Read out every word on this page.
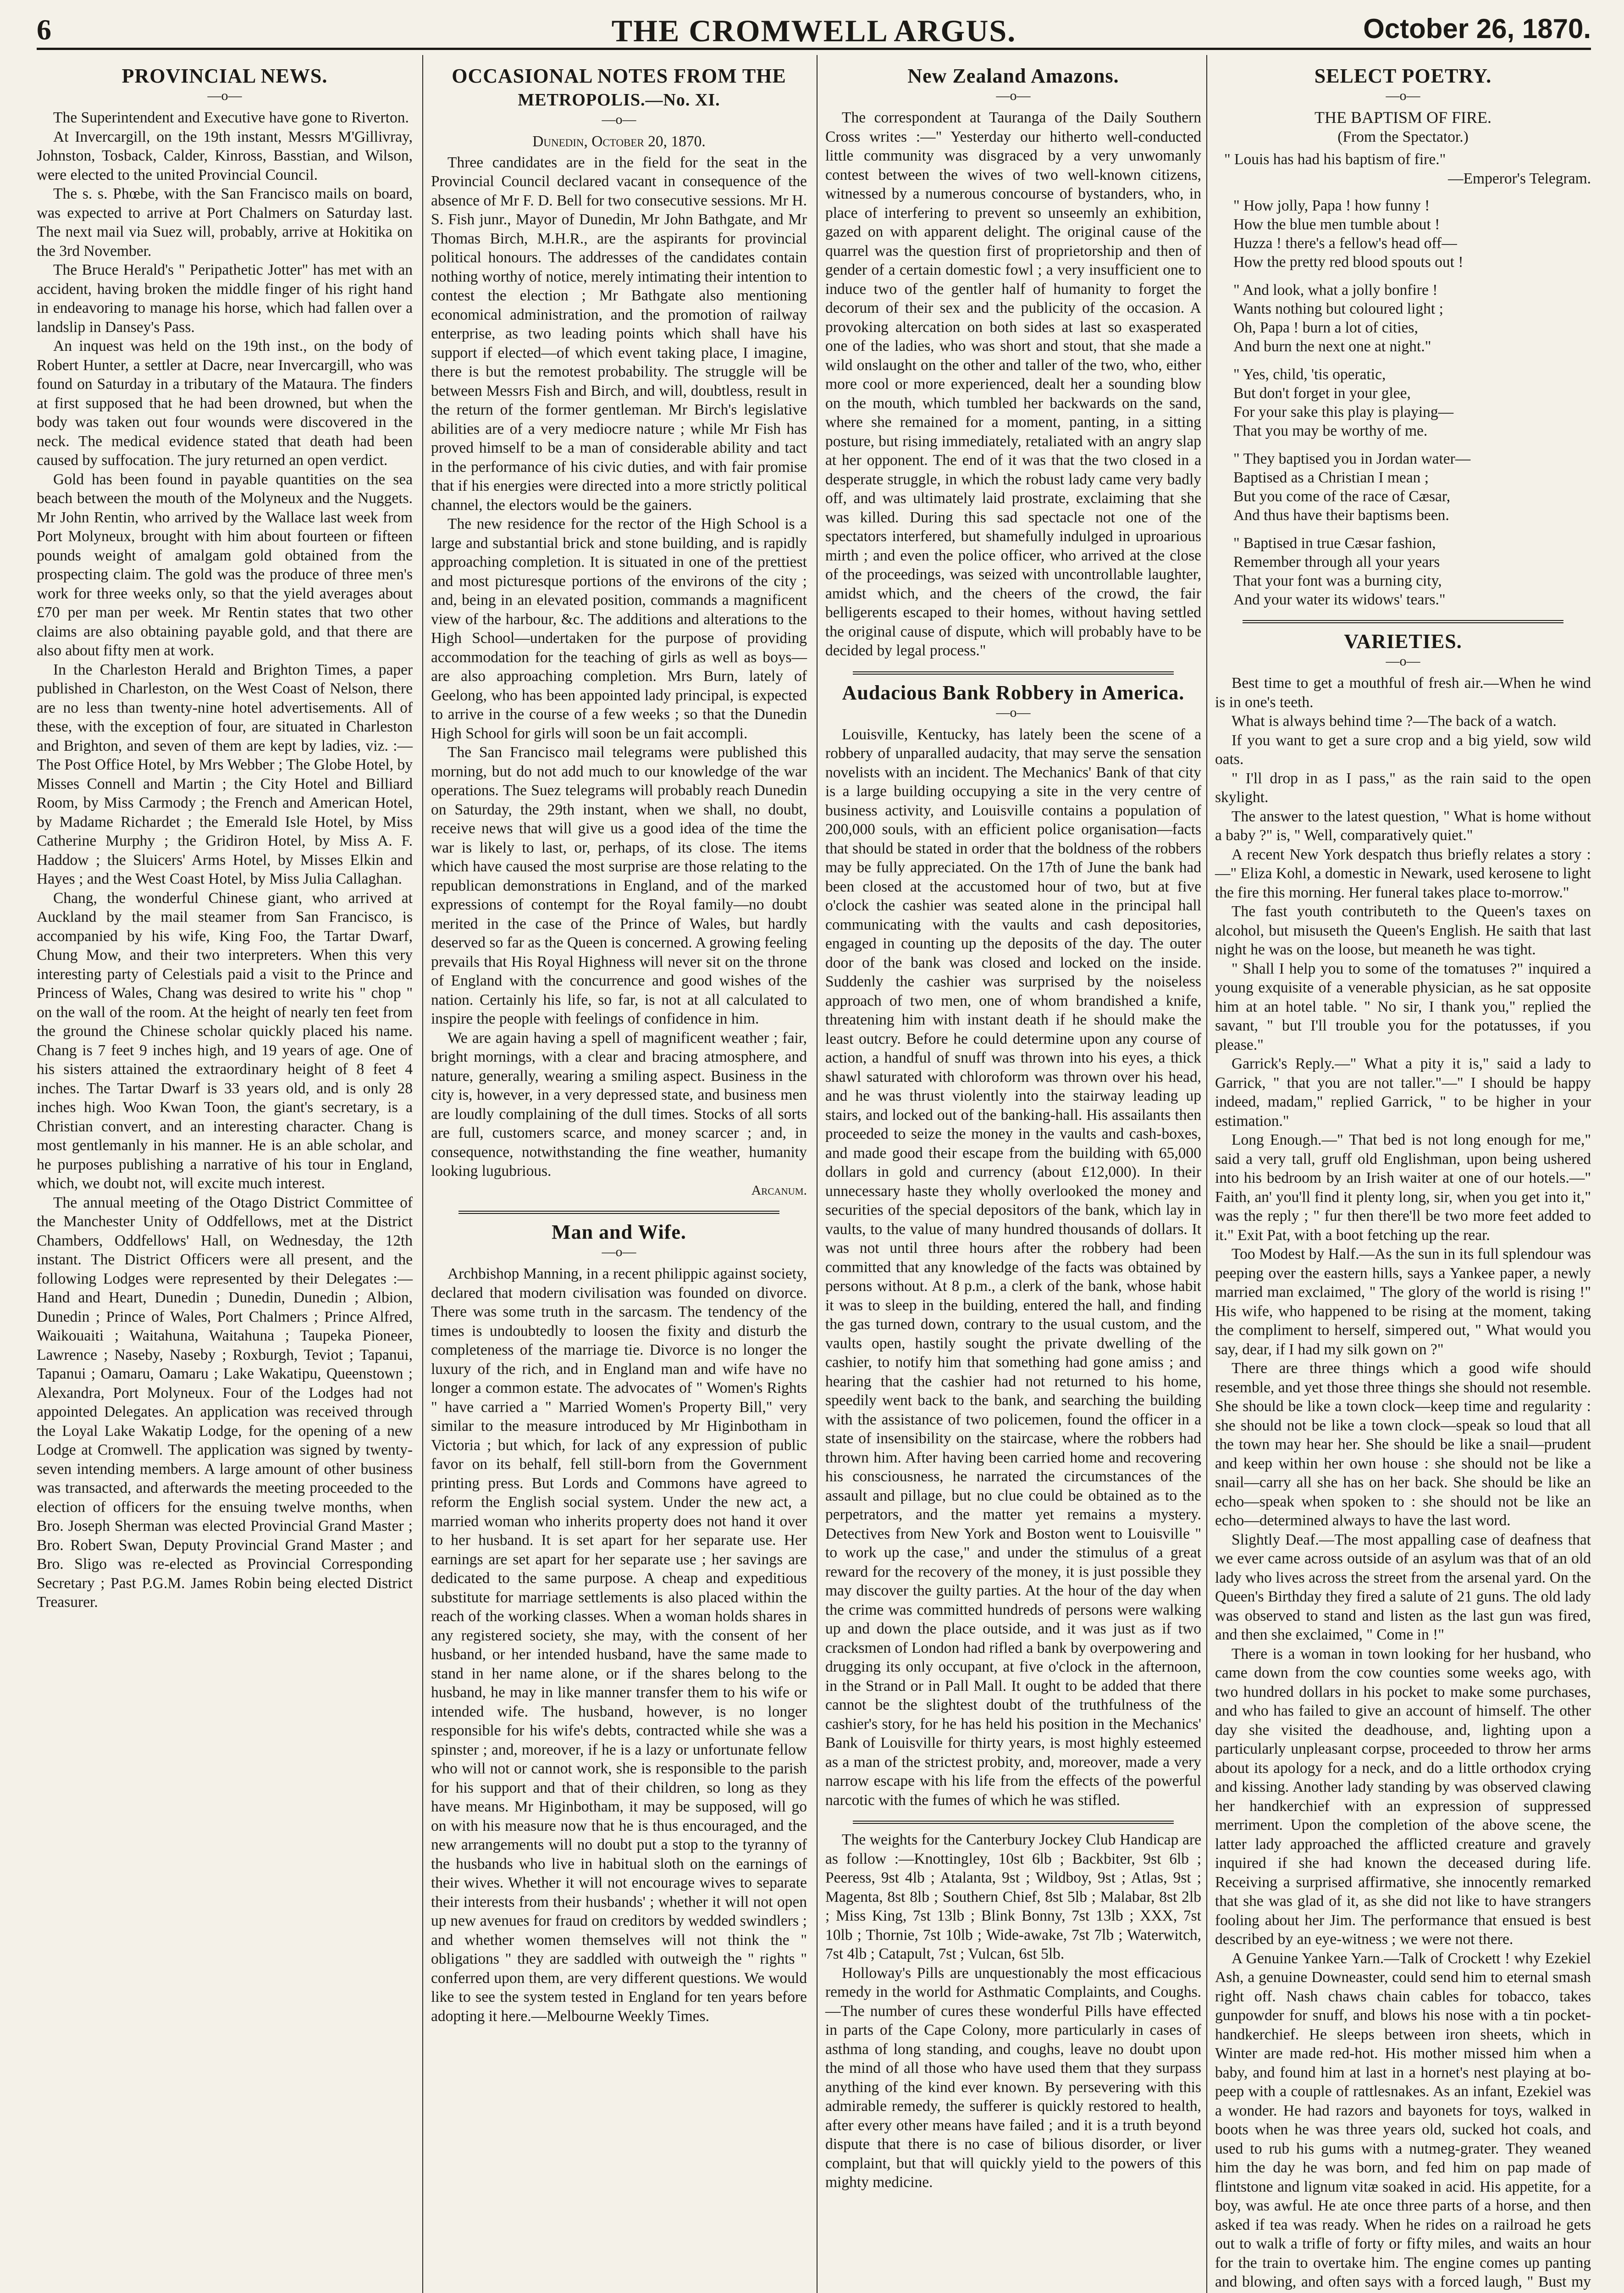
6	THE CROMWELL ARGUS.	October 26, 1870.
PROVINCIAL NEWS.
—o—

The Superintendent and Executive have gone to Riverton.

At Invercargill, on the 19th instant, Messrs M'Gillivray, Johnston, Tosback, Calder, Kinross, Basstian, and Wilson, were elected to the united Provincial Council.

The s. s. Phœbe, with the San Francisco mails on board, was expected to arrive at Port Chalmers on Saturday last. The next mail via Suez will, probably, arrive at Hokitika on the 3rd November.

The Bruce Herald's " Peripathetic Jotter" has met with an accident, having broken the middle finger of his right hand in endeavoring to manage his horse, which had fallen over a landslip in Dansey's Pass.

An inquest was held on the 19th inst., on the body of Robert Hunter, a settler at Dacre, near Invercargill, who was found on Saturday in a tributary of the Mataura. The finders at first supposed that he had been drowned, but when the body was taken out four wounds were discovered in the neck. The medical evidence stated that death had been caused by suffocation. The jury returned an open verdict.

Gold has been found in payable quantities on the sea beach between the mouth of the Molyneux and the Nuggets. Mr John Rentin, who arrived by the Wallace last week from Port Molyneux, brought with him about fourteen or fifteen pounds weight of amalgam gold obtained from the prospecting claim. The gold was the produce of three men's work for three weeks only, so that the yield averages about £70 per man per week. Mr Rentin states that two other claims are also obtaining payable gold, and that there are also about fifty men at work.

In the Charleston Herald and Brighton Times, a paper published in Charleston, on the West Coast of Nelson, there are no less than twenty-nine hotel advertisements. All of these, with the exception of four, are situated in Charleston and Brighton, and seven of them are kept by ladies, viz. :—The Post Office Hotel, by Mrs Webber ; The Globe Hotel, by Misses Connell and Martin ; the City Hotel and Billiard Room, by Miss Carmody ; the French and American Hotel, by Madame Richardet ; the Emerald Isle Hotel, by Miss Catherine Murphy ; the Gridiron Hotel, by Miss A. F. Haddow ; the Sluicers' Arms Hotel, by Misses Elkin and Hayes ; and the West Coast Hotel, by Miss Julia Callaghan.

Chang, the wonderful Chinese giant, who arrived at Auckland by the mail steamer from San Francisco, is accompanied by his wife, King Foo, the Tartar Dwarf, Chung Mow, and their two interpreters. When this very interesting party of Celestials paid a visit to the Prince and Princess of Wales, Chang was desired to write his " chop " on the wall of the room. At the height of nearly ten feet from the ground the Chinese scholar quickly placed his name. Chang is 7 feet 9 inches high, and 19 years of age. One of his sisters attained the extraordinary height of 8 feet 4 inches. The Tartar Dwarf is 33 years old, and is only 28 inches high. Woo Kwan Toon, the giant's secretary, is a Christian convert, and an interesting character. Chang is most gentlemanly in his manner. He is an able scholar, and he purposes publishing a narrative of his tour in England, which, we doubt not, will excite much interest.

The annual meeting of the Otago District Committee of the Manchester Unity of Oddfellows, met at the District Chambers, Oddfellows' Hall, on Wednesday, the 12th instant. The District Officers were all present, and the following Lodges were represented by their Delegates :—Hand and Heart, Dunedin ; Dunedin, Dunedin ; Albion, Dunedin ; Prince of Wales, Port Chalmers ; Prince Alfred, Waikouaiti ; Waitahuna, Waitahuna ; Taupeka Pioneer, Lawrence ; Naseby, Naseby ; Roxburgh, Teviot ; Tapanui, Tapanui ; Oamaru, Oamaru ; Lake Wakatipu, Queenstown ; Alexandra, Port Molyneux. Four of the Lodges had not appointed Delegates. An application was received through the Loyal Lake Wakatip Lodge, for the opening of a new Lodge at Cromwell. The application was signed by twenty-seven intending members. A large amount of other business was transacted, and afterwards the meeting proceeded to the election of officers for the ensuing twelve months, when Bro. Joseph Sherman was elected Provincial Grand Master ; Bro. Robert Swan, Deputy Provincial Grand Master ; and Bro. Sligo was re-elected as Provincial Corresponding Secretary ; Past P.G.M. James Robin being elected District Treasurer.

OCCASIONAL NOTES FROM THE
METROPOLIS.—No. XI.
—o—

Dunedin, October 20, 1870.

Three candidates are in the field for the seat in the Provincial Council declared vacant in consequence of the absence of Mr F. D. Bell for two consecutive sessions. Mr H. S. Fish junr., Mayor of Dunedin, Mr John Bathgate, and Mr Thomas Birch, M.H.R., are the aspirants for provincial political honours. The addresses of the candidates contain nothing worthy of notice, merely intimating their intention to contest the election ; Mr Bathgate also mentioning economical administration, and the promotion of railway enterprise, as two leading points which shall have his support if elected—of which event taking place, I imagine, there is but the remotest probability. The struggle will be between Messrs Fish and Birch, and will, doubtless, result in the return of the former gentleman. Mr Birch's legislative abilities are of a very mediocre nature ; while Mr Fish has proved himself to be a man of considerable ability and tact in the performance of his civic duties, and with fair promise that if his energies were directed into a more strictly political channel, the electors would be the gainers.

The new residence for the rector of the High School is a large and substantial brick and stone building, and is rapidly approaching completion. It is situated in one of the prettiest and most picturesque portions of the environs of the city ; and, being in an elevated position, commands a magnificent view of the harbour, &c. The additions and alterations to the High School—undertaken for the purpose of providing accommodation for the teaching of girls as well as boys—are also approaching completion. Mrs Burn, lately of Geelong, who has been appointed lady principal, is expected to arrive in the course of a few weeks ; so that the Dunedin High School for girls will soon be un fait accompli.

The San Francisco mail telegrams were published this morning, but do not add much to our knowledge of the war operations. The Suez telegrams will probably reach Dunedin on Saturday, the 29th instant, when we shall, no doubt, receive news that will give us a good idea of the time the war is likely to last, or, perhaps, of its close. The items which have caused the most surprise are those relating to the republican demonstrations in England, and of the marked expressions of contempt for the Royal family—no doubt merited in the case of the Prince of Wales, but hardly deserved so far as the Queen is concerned. A growing feeling prevails that His Royal Highness will never sit on the throne of England with the concurrence and good wishes of the nation. Certainly his life, so far, is not at all calculated to inspire the people with feelings of confidence in him.

We are again having a spell of magnificent weather ; fair, bright mornings, with a clear and bracing atmosphere, and nature, generally, wearing a smiling aspect. Business in the city is, however, in a very depressed state, and business men are loudly complaining of the dull times. Stocks of all sorts are full, customers scarce, and money scarcer ; and, in consequence, notwithstanding the fine weather, humanity looking lugubrious.

Arcanum.

Man and Wife.
—o—

Archbishop Manning, in a recent philippic against society, declared that modern civilisation was founded on divorce. There was some truth in the sarcasm. The tendency of the times is undoubtedly to loosen the fixity and disturb the completeness of the marriage tie. Divorce is no longer the luxury of the rich, and in England man and wife have no longer a common estate. The advocates of " Women's Rights " have carried a " Married Women's Property Bill," very similar to the measure introduced by Mr Higinbotham in Victoria ; but which, for lack of any expression of public favor on its behalf, fell still-born from the Government printing press. But Lords and Commons have agreed to reform the English social system. Under the new act, a married woman who inherits property does not hand it over to her husband. It is set apart for her separate use. Her earnings are set apart for her separate use ; her savings are dedicated to the same purpose. A cheap and expeditious substitute for marriage settlements is also placed within the reach of the working classes. When a woman holds shares in any registered society, she may, with the consent of her husband, or her intended husband, have the same made to stand in her name alone, or if the shares belong to the husband, he may in like manner transfer them to his wife or intended wife. The husband, however, is no longer responsible for his wife's debts, contracted while she was a spinster ; and, moreover, if he is a lazy or unfortunate fellow who will not or cannot work, she is responsible to the parish for his support and that of their children, so long as they have means. Mr Higinbotham, it may be supposed, will go on with his measure now that he is thus encouraged, and the new arrangements will no doubt put a stop to the tyranny of the husbands who live in habitual sloth on the earnings of their wives. Whether it will not encourage wives to separate their interests from their husbands' ; whether it will not open up new avenues for fraud on creditors by wedded swindlers ; and whether women themselves will not think the " obligations " they are saddled with outweigh the " rights " conferred upon them, are very different questions. We would like to see the system tested in England for ten years before adopting it here.—Melbourne Weekly Times.

New Zealand Amazons.
—o—

The correspondent at Tauranga of the Daily Southern Cross writes :—" Yesterday our hitherto well-conducted little community was disgraced by a very unwomanly contest between the wives of two well-known citizens, witnessed by a numerous concourse of bystanders, who, in place of interfering to prevent so unseemly an exhibition, gazed on with apparent delight. The original cause of the quarrel was the question first of proprietorship and then of gender of a certain domestic fowl ; a very insufficient one to induce two of the gentler half of humanity to forget the decorum of their sex and the publicity of the occasion. A provoking altercation on both sides at last so exasperated one of the ladies, who was short and stout, that she made a wild onslaught on the other and taller of the two, who, either more cool or more experienced, dealt her a sounding blow on the mouth, which tumbled her backwards on the sand, where she remained for a moment, panting, in a sitting posture, but rising immediately, retaliated with an angry slap at her opponent. The end of it was that the two closed in a desperate struggle, in which the robust lady came very badly off, and was ultimately laid prostrate, exclaiming that she was killed. During this sad spectacle not one of the spectators interfered, but shamefully indulged in uproarious mirth ; and even the police officer, who arrived at the close of the proceedings, was seized with uncontrollable laughter, amidst which, and the cheers of the crowd, the fair belligerents escaped to their homes, without having settled the original cause of dispute, which will probably have to be decided by legal process."

Audacious Bank Robbery in America.
—o—

Louisville, Kentucky, has lately been the scene of a robbery of unparalled audacity, that may serve the sensation novelists with an incident. The Mechanics' Bank of that city is a large building occupying a site in the very centre of business activity, and Louisville contains a population of 200,000 souls, with an efficient police organisation—facts that should be stated in order that the boldness of the robbers may be fully appreciated. On the 17th of June the bank had been closed at the accustomed hour of two, but at five o'clock the cashier was seated alone in the principal hall communicating with the vaults and cash depositories, engaged in counting up the deposits of the day. The outer door of the bank was closed and locked on the inside. Suddenly the cashier was surprised by the noiseless approach of two men, one of whom brandished a knife, threatening him with instant death if he should make the least outcry. Before he could determine upon any course of action, a handful of snuff was thrown into his eyes, a thick shawl saturated with chloroform was thrown over his head, and he was thrust violently into the stairway leading up stairs, and locked out of the banking-hall. His assailants then proceeded to seize the money in the vaults and cash-boxes, and made good their escape from the building with 65,000 dollars in gold and currency (about £12,000). In their unnecessary haste they wholly overlooked the money and securities of the special depositors of the bank, which lay in vaults, to the value of many hundred thousands of dollars. It was not until three hours after the robbery had been committed that any knowledge of the facts was obtained by persons without. At 8 p.m., a clerk of the bank, whose habit it was to sleep in the building, entered the hall, and finding the gas turned down, contrary to the usual custom, and the vaults open, hastily sought the private dwelling of the cashier, to notify him that something had gone amiss ; and hearing that the cashier had not returned to his home, speedily went back to the bank, and searching the building with the assistance of two policemen, found the officer in a state of insensibility on the staircase, where the robbers had thrown him. After having been carried home and recovering his consciousness, he narrated the circumstances of the assault and pillage, but no clue could be obtained as to the perpetrators, and the matter yet remains a mystery. Detectives from New York and Boston went to Louisville " to work up the case," and under the stimulus of a great reward for the recovery of the money, it is just possible they may discover the guilty parties. At the hour of the day when the crime was committed hundreds of persons were walking up and down the place outside, and it was just as if two cracksmen of London had rifled a bank by overpowering and drugging its only occupant, at five o'clock in the afternoon, in the Strand or in Pall Mall. It ought to be added that there cannot be the slightest doubt of the truthfulness of the cashier's story, for he has held his position in the Mechanics' Bank of Louisville for thirty years, is most highly esteemed as a man of the strictest probity, and, moreover, made a very narrow escape with his life from the effects of the powerful narcotic with the fumes of which he was stifled.

The weights for the Canterbury Jockey Club Handicap are as follow :—Knottingley, 10st 6lb ; Backbiter, 9st 6lb ; Peeress, 9st 4lb ; Atalanta, 9st ; Wildboy, 9st ; Atlas, 9st ; Magenta, 8st 8lb ; Southern Chief, 8st 5lb ; Malabar, 8st 2lb ; Miss King, 7st 13lb ; Blink Bonny, 7st 13lb ; XXX, 7st 10lb ; Thornie, 7st 10lb ; Wide-awake, 7st 7lb ; Waterwitch, 7st 4lb ; Catapult, 7st ; Vulcan, 6st 5lb.

Holloway's Pills are unquestionably the most efficacious remedy in the world for Asthmatic Complaints, and Coughs.—The number of cures these wonderful Pills have effected in parts of the Cape Colony, more particularly in cases of asthma of long standing, and coughs, leave no doubt upon the mind of all those who have used them that they surpass anything of the kind ever known. By persevering with this admirable remedy, the sufferer is quickly restored to health, after every other means have failed ; and it is a truth beyond dispute that there is no case of bilious disorder, or liver complaint, but that will quickly yield to the powers of this mighty medicine.

SELECT POETRY.
—o—

THE BAPTISM OF FIRE.

(From the Spectator.)

" Louis has had his baptism of fire."

—Emperor's Telegram.

" How jolly, Papa ! how funny !
How the blue men tumble about !
Huzza ! there's a fellow's head off—
How the pretty red blood spouts out !
" And look, what a jolly bonfire !
Wants nothing but coloured light ;
Oh, Papa ! burn a lot of cities,
And burn the next one at night."
" Yes, child, 'tis operatic,
But don't forget in your glee,
For your sake this play is playing—
That you may be worthy of me.
" They baptised you in Jordan water—
Baptised as a Christian I mean ;
But you come of the race of Cæsar,
And thus have their baptisms been.
" Baptised in true Cæsar fashion,
Remember through all your years
That your font was a burning city,
And your water its widows' tears."
VARIETIES.
—o—

Best time to get a mouthful of fresh air.—When he wind is in one's teeth.

What is always behind time ?—The back of a watch.

If you want to get a sure crop and a big yield, sow wild oats.

" I'll drop in as I pass," as the rain said to the open skylight.

The answer to the latest question, " What is home without a baby ?" is, " Well, comparatively quiet."

A recent New York despatch thus briefly relates a story :—" Eliza Kohl, a domestic in Newark, used kerosene to light the fire this morning. Her funeral takes place to-morrow."

The fast youth contributeth to the Queen's taxes on alcohol, but misuseth the Queen's English. He saith that last night he was on the loose, but meaneth he was tight.

" Shall I help you to some of the tomatuses ?" inquired a young exquisite of a venerable physician, as he sat opposite him at an hotel table. " No sir, I thank you," replied the savant, " but I'll trouble you for the potatusses, if you please."

Garrick's Reply.—" What a pity it is," said a lady to Garrick, " that you are not taller."—" I should be happy indeed, madam," replied Garrick, " to be higher in your estimation."

Long Enough.—" That bed is not long enough for me," said a very tall, gruff old Englishman, upon being ushered into his bedroom by an Irish waiter at one of our hotels.—" Faith, an' you'll find it plenty long, sir, when you get into it," was the reply ; " fur then there'll be two more feet added to it." Exit Pat, with a boot fetching up the rear.

Too Modest by Half.—As the sun in its full splendour was peeping over the eastern hills, says a Yankee paper, a newly married man exclaimed, " The glory of the world is rising !" His wife, who happened to be rising at the moment, taking the compliment to herself, simpered out, " What would you say, dear, if I had my silk gown on ?"

There are three things which a good wife should resemble, and yet those three things she should not resemble. She should be like a town clock—keep time and regularity : she should not be like a town clock—speak so loud that all the town may hear her. She should be like a snail—prudent and keep within her own house : she should not be like a snail—carry all she has on her back. She should be like an echo—speak when spoken to : she should not be like an echo—determined always to have the last word.

Slightly Deaf.—The most appalling case of deafness that we ever came across outside of an asylum was that of an old lady who lives across the street from the arsenal yard. On the Queen's Birthday they fired a salute of 21 guns. The old lady was observed to stand and listen as the last gun was fired, and then she exclaimed, " Come in !"

There is a woman in town looking for her husband, who came down from the cow counties some weeks ago, with two hundred dollars in his pocket to make some purchases, and who has failed to give an account of himself. The other day she visited the deadhouse, and, lighting upon a particularly unpleasant corpse, proceeded to throw her arms about its apology for a neck, and do a little orthodox crying and kissing. Another lady standing by was observed clawing her handkerchief with an expression of suppressed merriment. Upon the completion of the above scene, the latter lady approached the afflicted creature and gravely inquired if she had known the deceased during life. Receiving a surprised affirmative, she innocently remarked that she was glad of it, as she did not like to have strangers fooling about her Jim. The performance that ensued is best described by an eye-witness ; we were not there.

A Genuine Yankee Yarn.—Talk of Crockett ! why Ezekiel Ash, a genuine Downeaster, could send him to eternal smash right off. Nash chaws chain cables for tobacco, takes gunpowder for snuff, and blows his nose with a tin pocket-handkerchief. He sleeps between iron sheets, which in Winter are made red-hot. His mother missed him when a baby, and found him at last in a hornet's nest playing at bo-peep with a couple of rattlesnakes. As an infant, Ezekiel was a wonder. He had razors and bayonets for toys, walked in boots when he was three years old, sucked hot coals, and used to rub his gums with a nutmeg-grater. They weaned him the day he was born, and fed him on pap made of flintstone and lignum vitæ soaked in acid. His appetite, for a boy, was awful. He ate once three parts of a horse, and then asked if tea was ready. When he rides on a railroad he gets out to walk a trifle of forty or fifty miles, and waits an hour for the train to overtake him. The engine comes up panting and blowing, and often says with a forced laugh, " Bust my
